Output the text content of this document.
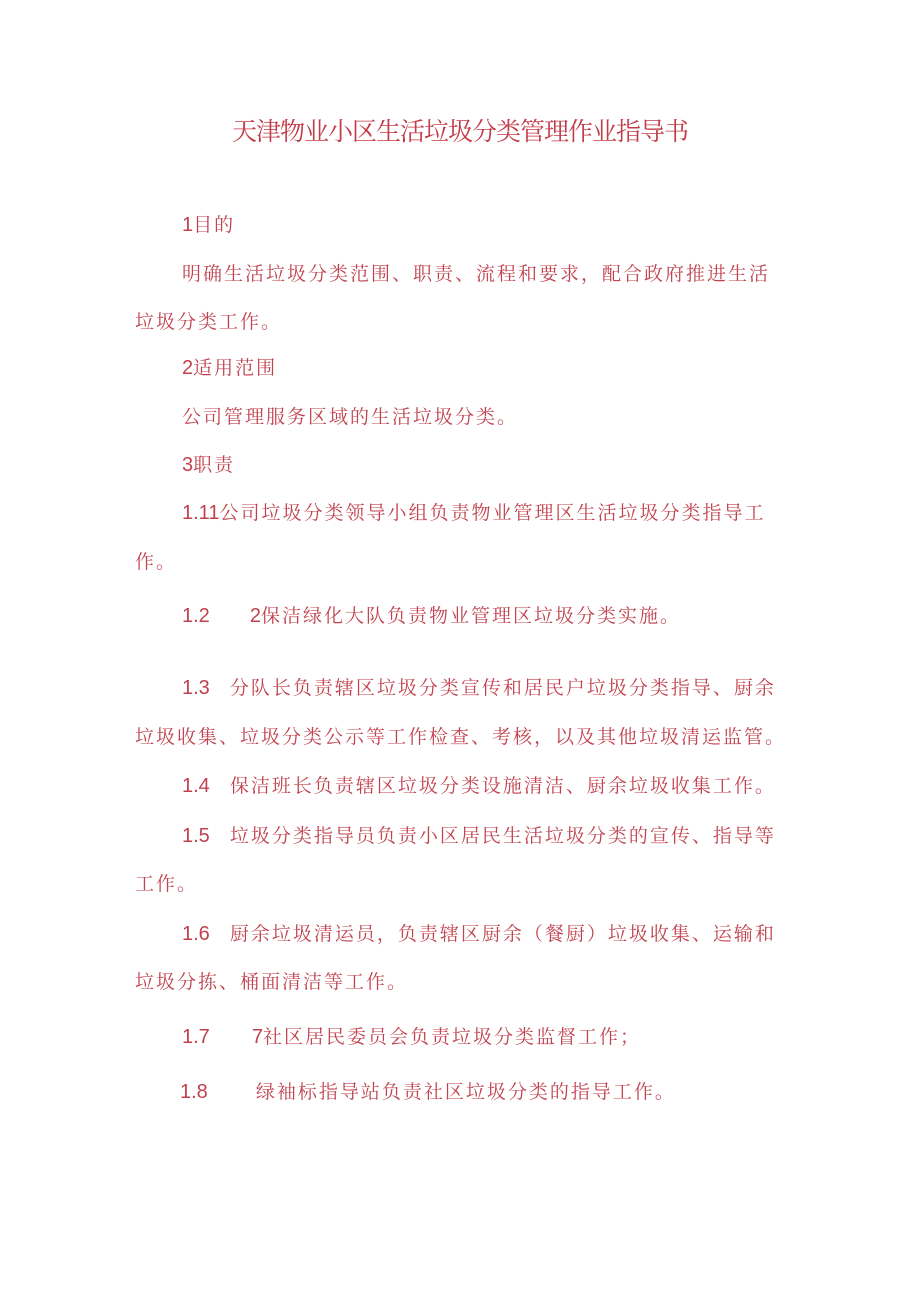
天津物业小区生活垃圾分类管理作业指导书
1目的
明确生活垃圾分类范围、职责、流程和要求，配合政府推进生活
垃圾分类工作。
2适用范围
公司管理服务区域的生活垃圾分类。
3职责
1.11公司垃圾分类领导小组负责物业管理区生活垃圾分类指导工
作。
1.2 2保洁绿化大队负责物业管理区垃圾分类实施。
1.3 分队长负责辖区垃圾分类宣传和居民户垃圾分类指导、厨余
垃圾收集、垃圾分类公示等工作检查、考核，以及其他垃圾清运监管。
1.4 保洁班长负责辖区垃圾分类设施清洁、厨余垃圾收集工作。
1.5 垃圾分类指导员负责小区居民生活垃圾分类的宣传、指导等
工作。
1.6 厨余垃圾清运员，负责辖区厨余（餐厨）垃圾收集、运输和
垃圾分拣、桶面清洁等工作。
1.7 7社区居民委员会负责垃圾分类监督工作；
1.8	绿袖标指导站负责社区垃圾分类的指导工作。
